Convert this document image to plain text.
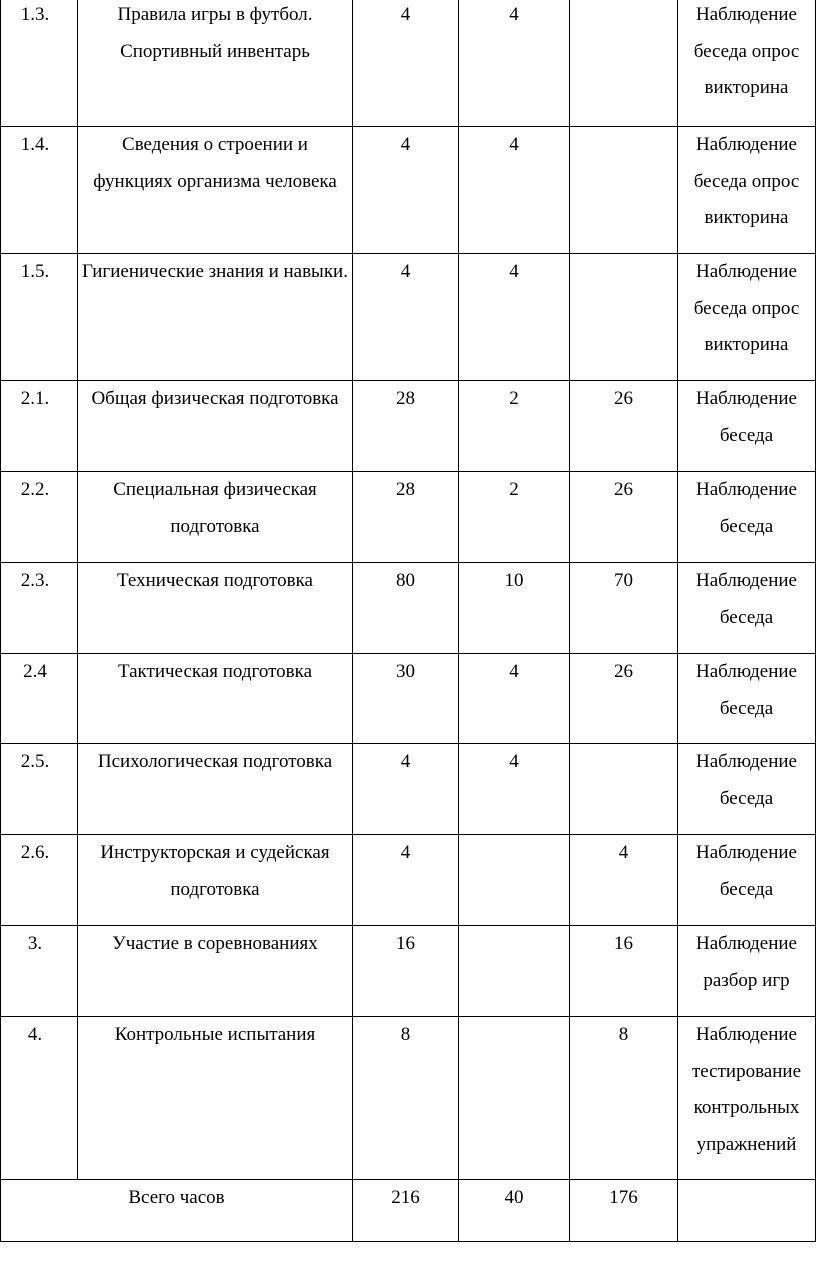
1.3.	Правила игры в футбол. Спортивный инвентарь	4	4		Наблюдение беседа опрос викторина
1.4.	Сведения о строении и функциях организма человека	4	4		Наблюдение беседа опрос викторина
1.5.	Гигиенические знания и навыки.	4	4		Наблюдение беседа опрос викторина
2.1.	Общая физическая подготовка	28	2	26	Наблюдение беседа
2.2.	Специальная физическая подготовка	28	2	26	Наблюдение беседа
2.3.	Техническая подготовка	80	10	70	Наблюдение беседа
2.4	Тактическая подготовка	30	4	26	Наблюдение беседа
2.5.	Психологическая подготовка	4	4		Наблюдение беседа
2.6.	Инструкторская и судейская подготовка	4		4	Наблюдение беседа
3.	Участие в соревнованиях	16		16	Наблюдение разбор игр
4.	Контрольные испытания	8		8	Наблюдение тестирование контрольных упражнений
Всего часов		216	40	176	
